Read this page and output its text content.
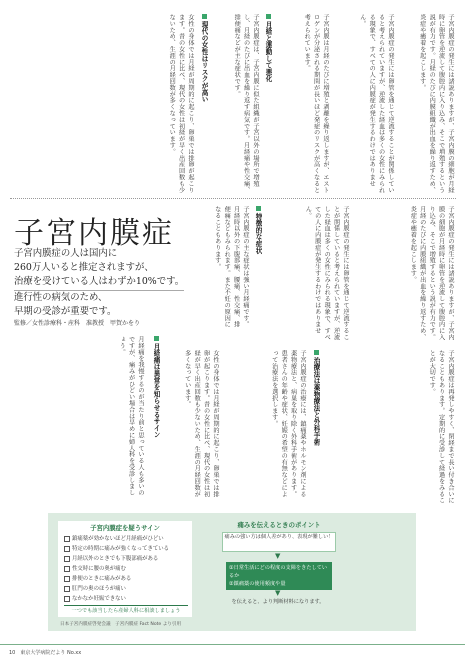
子宮内膜症の発生には諸説ありますが、子宮内膜の細胞が月経時に卵管を逆流して腹腔内に入り込み、そこで増殖するという説が有力です。月経のたびに内膜組織が出血を繰り返すため、炎症や癒着を起こします。
子宮内膜症の発生には卵管を通じて逆流することが関係していると考えられていますが、逆流した経血は多くの女性にみられる現象で、すべての人に内膜症が発生するわけではありません。
子宮内膜は月経のたびに増殖と剥離を繰り返しますが、エストロゲンが分泌される期間が長いほど発症のリスクが高くなると考えられています。
月経と運動して悪化
子宮内膜症は、子宮内膜に似た組織が子宮以外の場所で増殖し、月経のたびに出血を繰り返す病気です。月経痛や性交痛、排便痛などが主な症状です。
現代の女性はリスクが高い
女性の身体では月経が周期的に起こり、卵巣では排卵が起こります。昔の女性に比べ、現代の女性は初経が早く出産回数も少ないため、生涯の月経回数が多くなっています。
子宮内膜症
子宮内膜症の人は国内に
260万人いると推定されますが、
治療を受けている人はわずか10%です。
進行性の病気のため、
早期の受診が重要です。
監修／女性診療科・産科　准教授　甲賀かをり
特徴的な症状
子宮内膜症の主な症状は強い月経痛です。月経時以外の下腹部痛、腰痛、性交痛、排便痛などもみられます。また不妊の原因になることもあります。	子宮内膜症の発生には卵管を通じて逆流することが関係していると考えられていますが、逆流した経血は多くの女性にみられる現象で、すべての人に内膜症が発生するわけではありません。	子宮内膜症の発生には諸説ありますが、子宮内膜の細胞が月経時に卵管を逆流して腹腔内に入り込み、そこで増殖するという説が有力です。月経のたびに内膜組織が出血を繰り返すため、炎症や癒着を起こします。
治療法は薬物療法と外科手術
子宮内膜症の治療には、鎮痛薬やホルモン剤による薬物療法と、病巣を取り除く外科手術があります。患者さんの年齢や症状、妊娠の希望の有無などによって治療法を選択します。	子宮内膜症は再発しやすく、閉経まで長い付き合いになることもあります。定期的に受診して経過をみることが大切です。
月経痛は異常を知らせるサイン
月経痛を我慢するのが当たり前と思っている人も多いのですが、痛みがひどい場合は早めに婦人科を受診しましょう。
女性の身体では月経が周期的に起こり、卵巣では排卵が起こります。昔の女性に比べ、現代の女性は初経が早く出産回数も少ないため、生涯の月経回数が多くなっています。
子宮内膜症を疑うサイン
鎮痛薬が効かないほど月経痛がひどい
特定の時期に痛みが強くなってきている
月経以外のときでも下腹部痛がある
性交時に腰の奥が痛む
排便のときに痛みがある
肛門の奥のほうが痛い
なかなか妊娠できない
一つでも該当したら産婦人科に相談しましょう
日本子宮内膜症啓発会議　子宮内膜症 Fact Note より引用
痛みを伝えるときのポイント
痛みの強い方は個人差があり、表現が難しい！
▼
①日常生活にどの程度の支障をきたしているか
②鎮痛薬の使用頻度や量
▼
を伝えると、より判断材料になります。
10　東京大学病院だより No.xx
